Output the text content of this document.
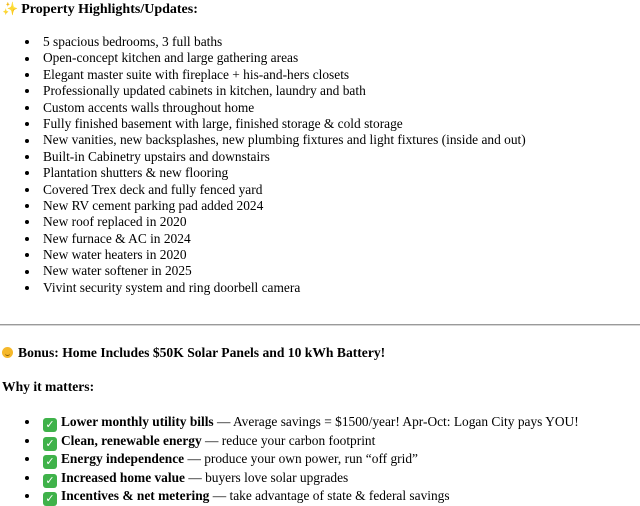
✨ Property Highlights/Updates:
5 spacious bedrooms, 3 full baths
Open-concept kitchen and large gathering areas
Elegant master suite with fireplace + his-and-hers closets
Professionally updated cabinets in kitchen, laundry and bath
Custom accents walls throughout home
Fully finished basement with large, finished storage & cold storage
New vanities, new backsplashes, new plumbing fixtures and light fixtures (inside and out)
Built-in Cabinetry upstairs and downstairs
Plantation shutters & new flooring
Covered Trex deck and fully fenced yard
New RV cement parking pad added 2024
New roof replaced in 2020
New furnace & AC in 2024
New water heaters in 2020
New water softener in 2025
Vivint security system and ring doorbell camera
Bonus: Home Includes $50K Solar Panels and 10 kWh Battery!
Why it matters:
✓ Lower monthly utility bills — Average savings = $1500/year! Apr-Oct: Logan City pays YOU!
✓ Clean, renewable energy — reduce your carbon footprint
✓ Energy independence — produce your own power, run “off grid”
✓ Increased home value — buyers love solar upgrades
✓ Incentives & net metering — take advantage of state & federal savings
